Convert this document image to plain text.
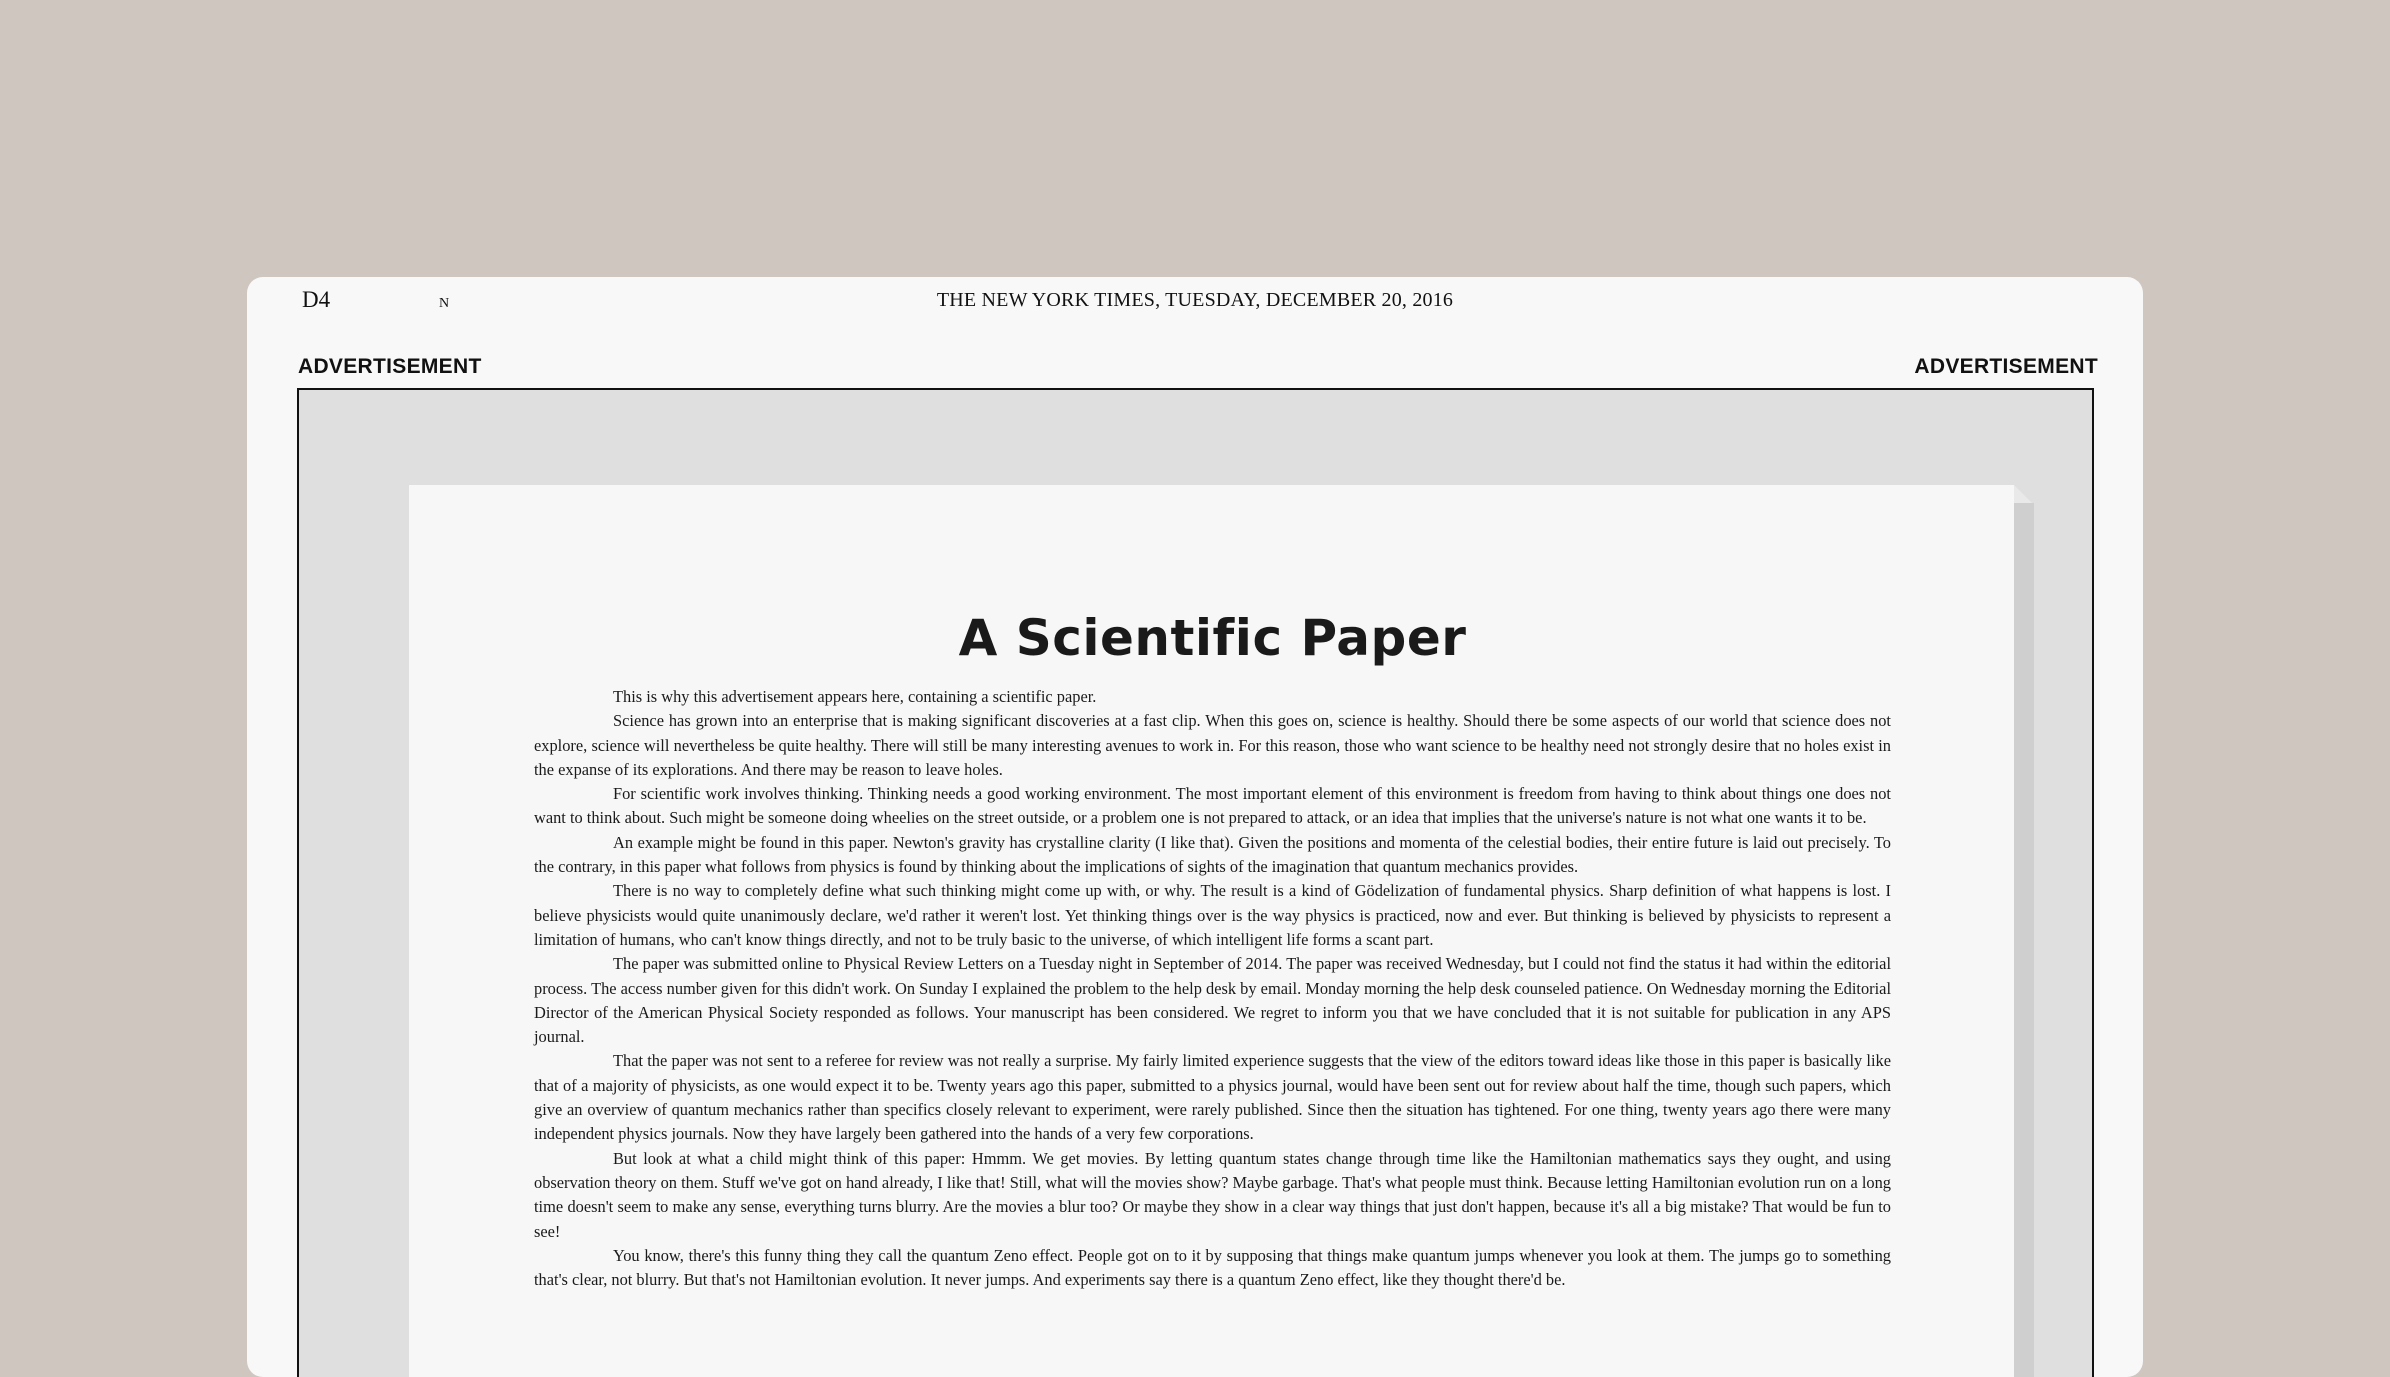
D4	N	THE NEW YORK TIMES, TUESDAY, DECEMBER 20, 2016
ADVERTISEMENT	ADVERTISEMENT
A Scientific Paper

This is why this advertisement appears here, containing a scientific paper.

Science has grown into an enterprise that is making significant discoveries at a fast clip. When this goes on, science is healthy. Should there be some aspects of our world that science does not explore, science will nevertheless be quite healthy. There will still be many interesting avenues to work in. For this reason, those who want science to be healthy need not strongly desire that no holes exist in the expanse of its explorations. And there may be reason to leave holes.

For scientific work involves thinking. Thinking needs a good working environment. The most important element of this environment is freedom from having to think about things one does not want to think about. Such might be someone doing wheelies on the street outside, or a problem one is not prepared to attack, or an idea that implies that the universe's nature is not what one wants it to be.

An example might be found in this paper. Newton's gravity has crystalline clarity (I like that). Given the positions and momenta of the celestial bodies, their entire future is laid out precisely. To the contrary, in this paper what follows from physics is found by thinking about the implications of sights of the imagination that quantum mechanics provides.

There is no way to completely define what such thinking might come up with, or why. The result is a kind of Gödelization of fundamental physics. Sharp definition of what happens is lost. I believe physicists would quite unanimously declare, we'd rather it weren't lost. Yet thinking things over is the way physics is practiced, now and ever. But thinking is believed by physicists to represent a limitation of humans, who can't know things directly, and not to be truly basic to the universe, of which intelligent life forms a scant part.

The paper was submitted online to Physical Review Letters on a Tuesday night in September of 2014. The paper was received Wednesday, but I could not find the status it had within the editorial process. The access number given for this didn't work. On Sunday I explained the problem to the help desk by email. Monday morning the help desk counseled patience. On Wednesday morning the Editorial Director of the American Physical Society responded as follows. Your manuscript has been considered. We regret to inform you that we have concluded that it is not suitable for publication in any APS journal.

That the paper was not sent to a referee for review was not really a surprise. My fairly limited experience suggests that the view of the editors toward ideas like those in this paper is basically like that of a majority of physicists, as one would expect it to be. Twenty years ago this paper, submitted to a physics journal, would have been sent out for review about half the time, though such papers, which give an overview of quantum mechanics rather than specifics closely relevant to experiment, were rarely published. Since then the situation has tightened. For one thing, twenty years ago there were many independent physics journals. Now they have largely been gathered into the hands of a very few corporations.

But look at what a child might think of this paper: Hmmm. We get movies. By letting quantum states change through time like the Hamiltonian mathematics says they ought, and using observation theory on them. Stuff we've got on hand already, I like that! Still, what will the movies show? Maybe garbage. That's what people must think. Because letting Hamiltonian evolution run on a long time doesn't seem to make any sense, everything turns blurry. Are the movies a blur too? Or maybe they show in a clear way things that just don't happen, because it's all a big mistake? That would be fun to see!

You know, there's this funny thing they call the quantum Zeno effect. People got on to it by supposing that things make quantum jumps whenever you look at them. The jumps go to something that's clear, not blurry. But that's not Hamiltonian evolution. It never jumps. And experiments say there is a quantum Zeno effect, like they thought there'd be.
